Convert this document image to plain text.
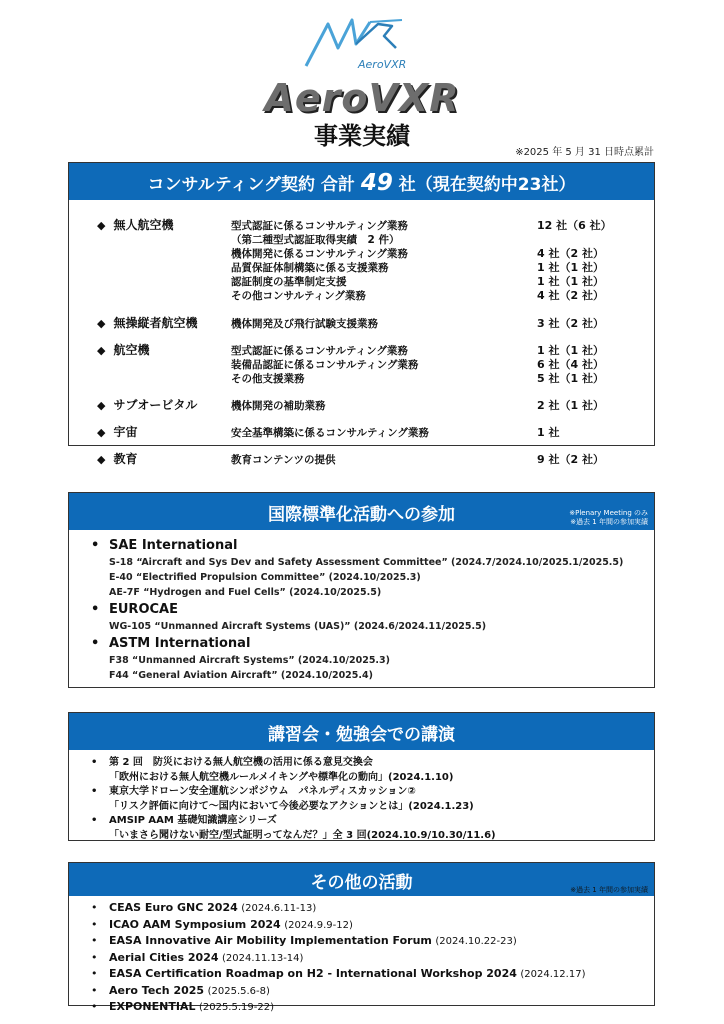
AeroVXR
AeroVXR
事業実績
※2025 年 5 月 31 日時点累計
コンサルティング契約 合計 49 社（現在契約中23社）
◆ 無人航空機	型式認証に係るコンサルティング業務	12 社（6 社）
（第二種型式認証取得実績　2 件）
機体開発に係るコンサルティング業務	4 社（2 社）
品質保証体制構築に係る支援業務	1 社（1 社）
認証制度の基準制定支援	1 社（1 社）
その他コンサルティング業務	4 社（2 社）
◆ 無操縦者航空機	機体開発及び飛行試験支援業務	3 社（2 社）
◆ 航空機	型式認証に係るコンサルティング業務	1 社（1 社）
装備品認証に係るコンサルティング業務	6 社（4 社）
その他支援業務	5 社（1 社）
◆ サブオービタル	機体開発の補助業務	2 社（1 社）
◆ 宇宙	安全基準構築に係るコンサルティング業務	1 社
◆ 教育	教育コンテンツの提供	9 社（2 社）
国際標準化活動への参加	※Plenary Meeting のみ
※過去 1 年間の参加実績
• SAE International
S-18 “Aircraft and Sys Dev and Safety Assessment Committee” (2024.7/2024.10/2025.1/2025.5)
E-40 “Electrified Propulsion Committee” (2024.10/2025.3)
AE-7F “Hydrogen and Fuel Cells” (2024.10/2025.5)
• EUROCAE
WG-105 “Unmanned Aircraft Systems (UAS)” (2024.6/2024.11/2025.5)
• ASTM International
F38 “Unmanned Aircraft Systems” (2024.10/2025.3)
F44 “General Aviation Aircraft” (2024.10/2025.4)
講習会・勉強会での講演
• 第 2 回　防災における無人航空機の活用に係る意見交換会
「欧州における無人航空機ルールメイキングや標準化の動向」(2024.1.10)
• 東京大学ドローン安全運航シンポジウム　パネルディスカッション②
「リスク評価に向けて～国内において今後必要なアクションとは」(2024.1.23)
• AMSIP AAM 基礎知識講座シリーズ
「いまさら聞けない耐空/型式証明ってなんだ？」全 3 回(2024.10.9/10.30/11.6)
その他の活動	※過去 1 年間の参加実績
• CEAS Euro GNC 2024 (2024.6.11-13)
• ICAO AAM Symposium 2024 (2024.9.9-12)
• EASA Innovative Air Mobility Implementation Forum (2024.10.22-23)
• Aerial Cities 2024 (2024.11.13-14)
• EASA Certification Roadmap on H2 - International Workshop 2024 (2024.12.17)
• Aero Tech 2025 (2025.5.6-8)
• EXPONENTIAL (2025.5.19-22)
